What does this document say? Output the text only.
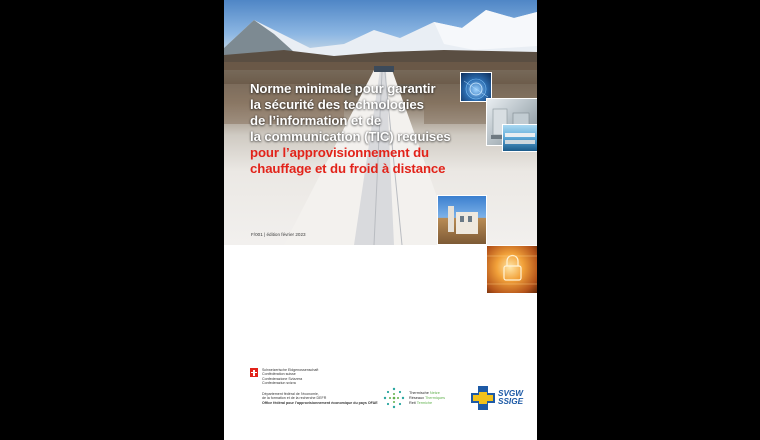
Norme minimale pour garantir
la sécurité des technologies
de l’information et de
la communication (TIC) requises
pour l’approvisionnement du
chauffage et du froid à distance
F/001 | édition février 2023
Schweizerische Eidgenossenschaft
Confédération suisse
Confederazione Svizzera
Confederaziun svizra
Département fédéral de l’économie,
de la formation et de la recherche DEFR
Office fédéral pour l’approvisionnement économique du pays OFAE
Thermische Netze
Réseaux Thermiques
Reti Termiche
SVGW
SSIGE
